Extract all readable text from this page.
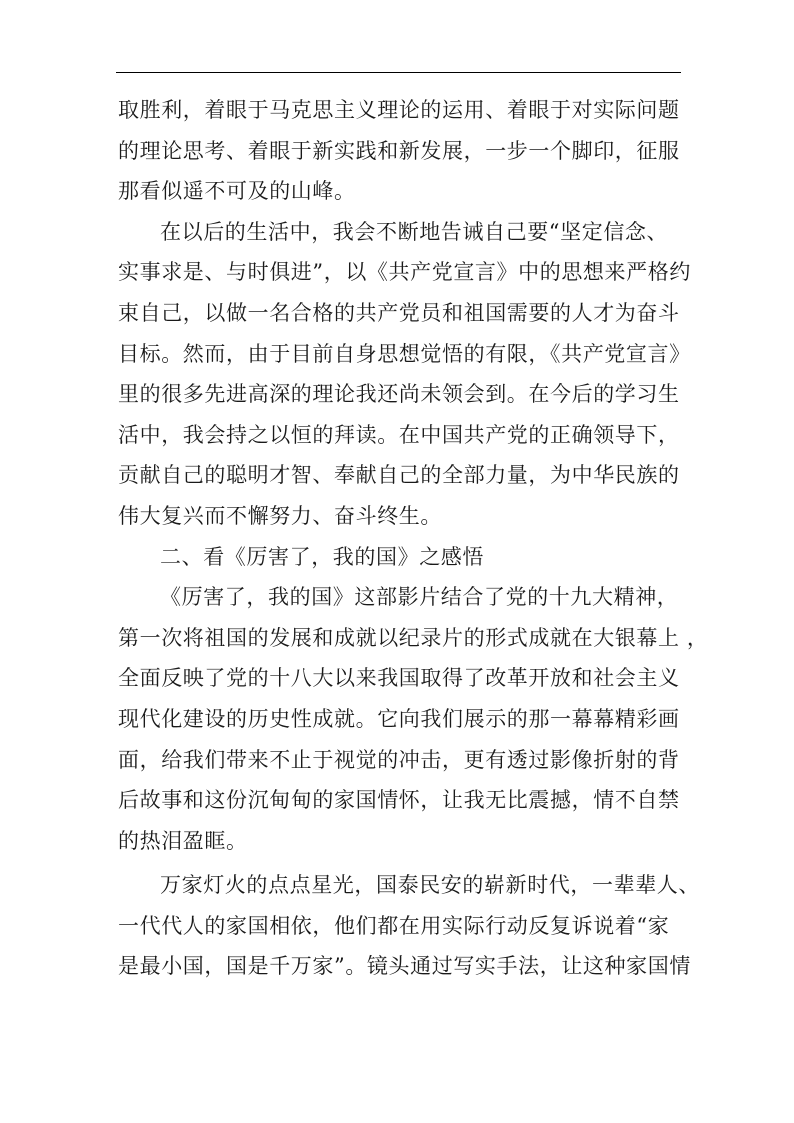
取胜利，着眼于马克思主义理论的运用、着眼于对实际问题
的理论思考、着眼于新实践和新发展，一步一个脚印，征服
那看似遥不可及的山峰。
在以后的生活中，我会不断地告诫自己要“坚定信念、
实事求是、与时俱进”，以《共产党宣言》中的思想来严格约
束自己，以做一名合格的共产党员和祖国需要的人才为奋斗
目标。然而，由于目前自身思想觉悟的有限，《共产党宣言》
里的很多先进高深的理论我还尚未领会到。在今后的学习生
活中，我会持之以恒的拜读。在中国共产党的正确领导下，
贡献自己的聪明才智、奉献自己的全部力量，为中华民族的
伟大复兴而不懈努力、奋斗终生。
二、看《厉害了，我的国》之感悟
《厉害了，我的国》这部影片结合了党的十九大精神，
第一次将祖国的发展和成就以纪录片的形式成就在大银幕上 ，
全面反映了党的十八大以来我国取得了改革开放和社会主义
现代化建设的历史性成就。它向我们展示的那一幕幕精彩画
面，给我们带来不止于视觉的冲击，更有透过影像折射的背
后故事和这份沉甸甸的家国情怀，让我无比震撼，情不自禁
的热泪盈眶。
万家灯火的点点星光，国泰民安的崭新时代，一辈辈人、
一代代人的家国相依，他们都在用实际行动反复诉说着“家
是最小国，国是千万家”。镜头通过写实手法，让这种家国情
